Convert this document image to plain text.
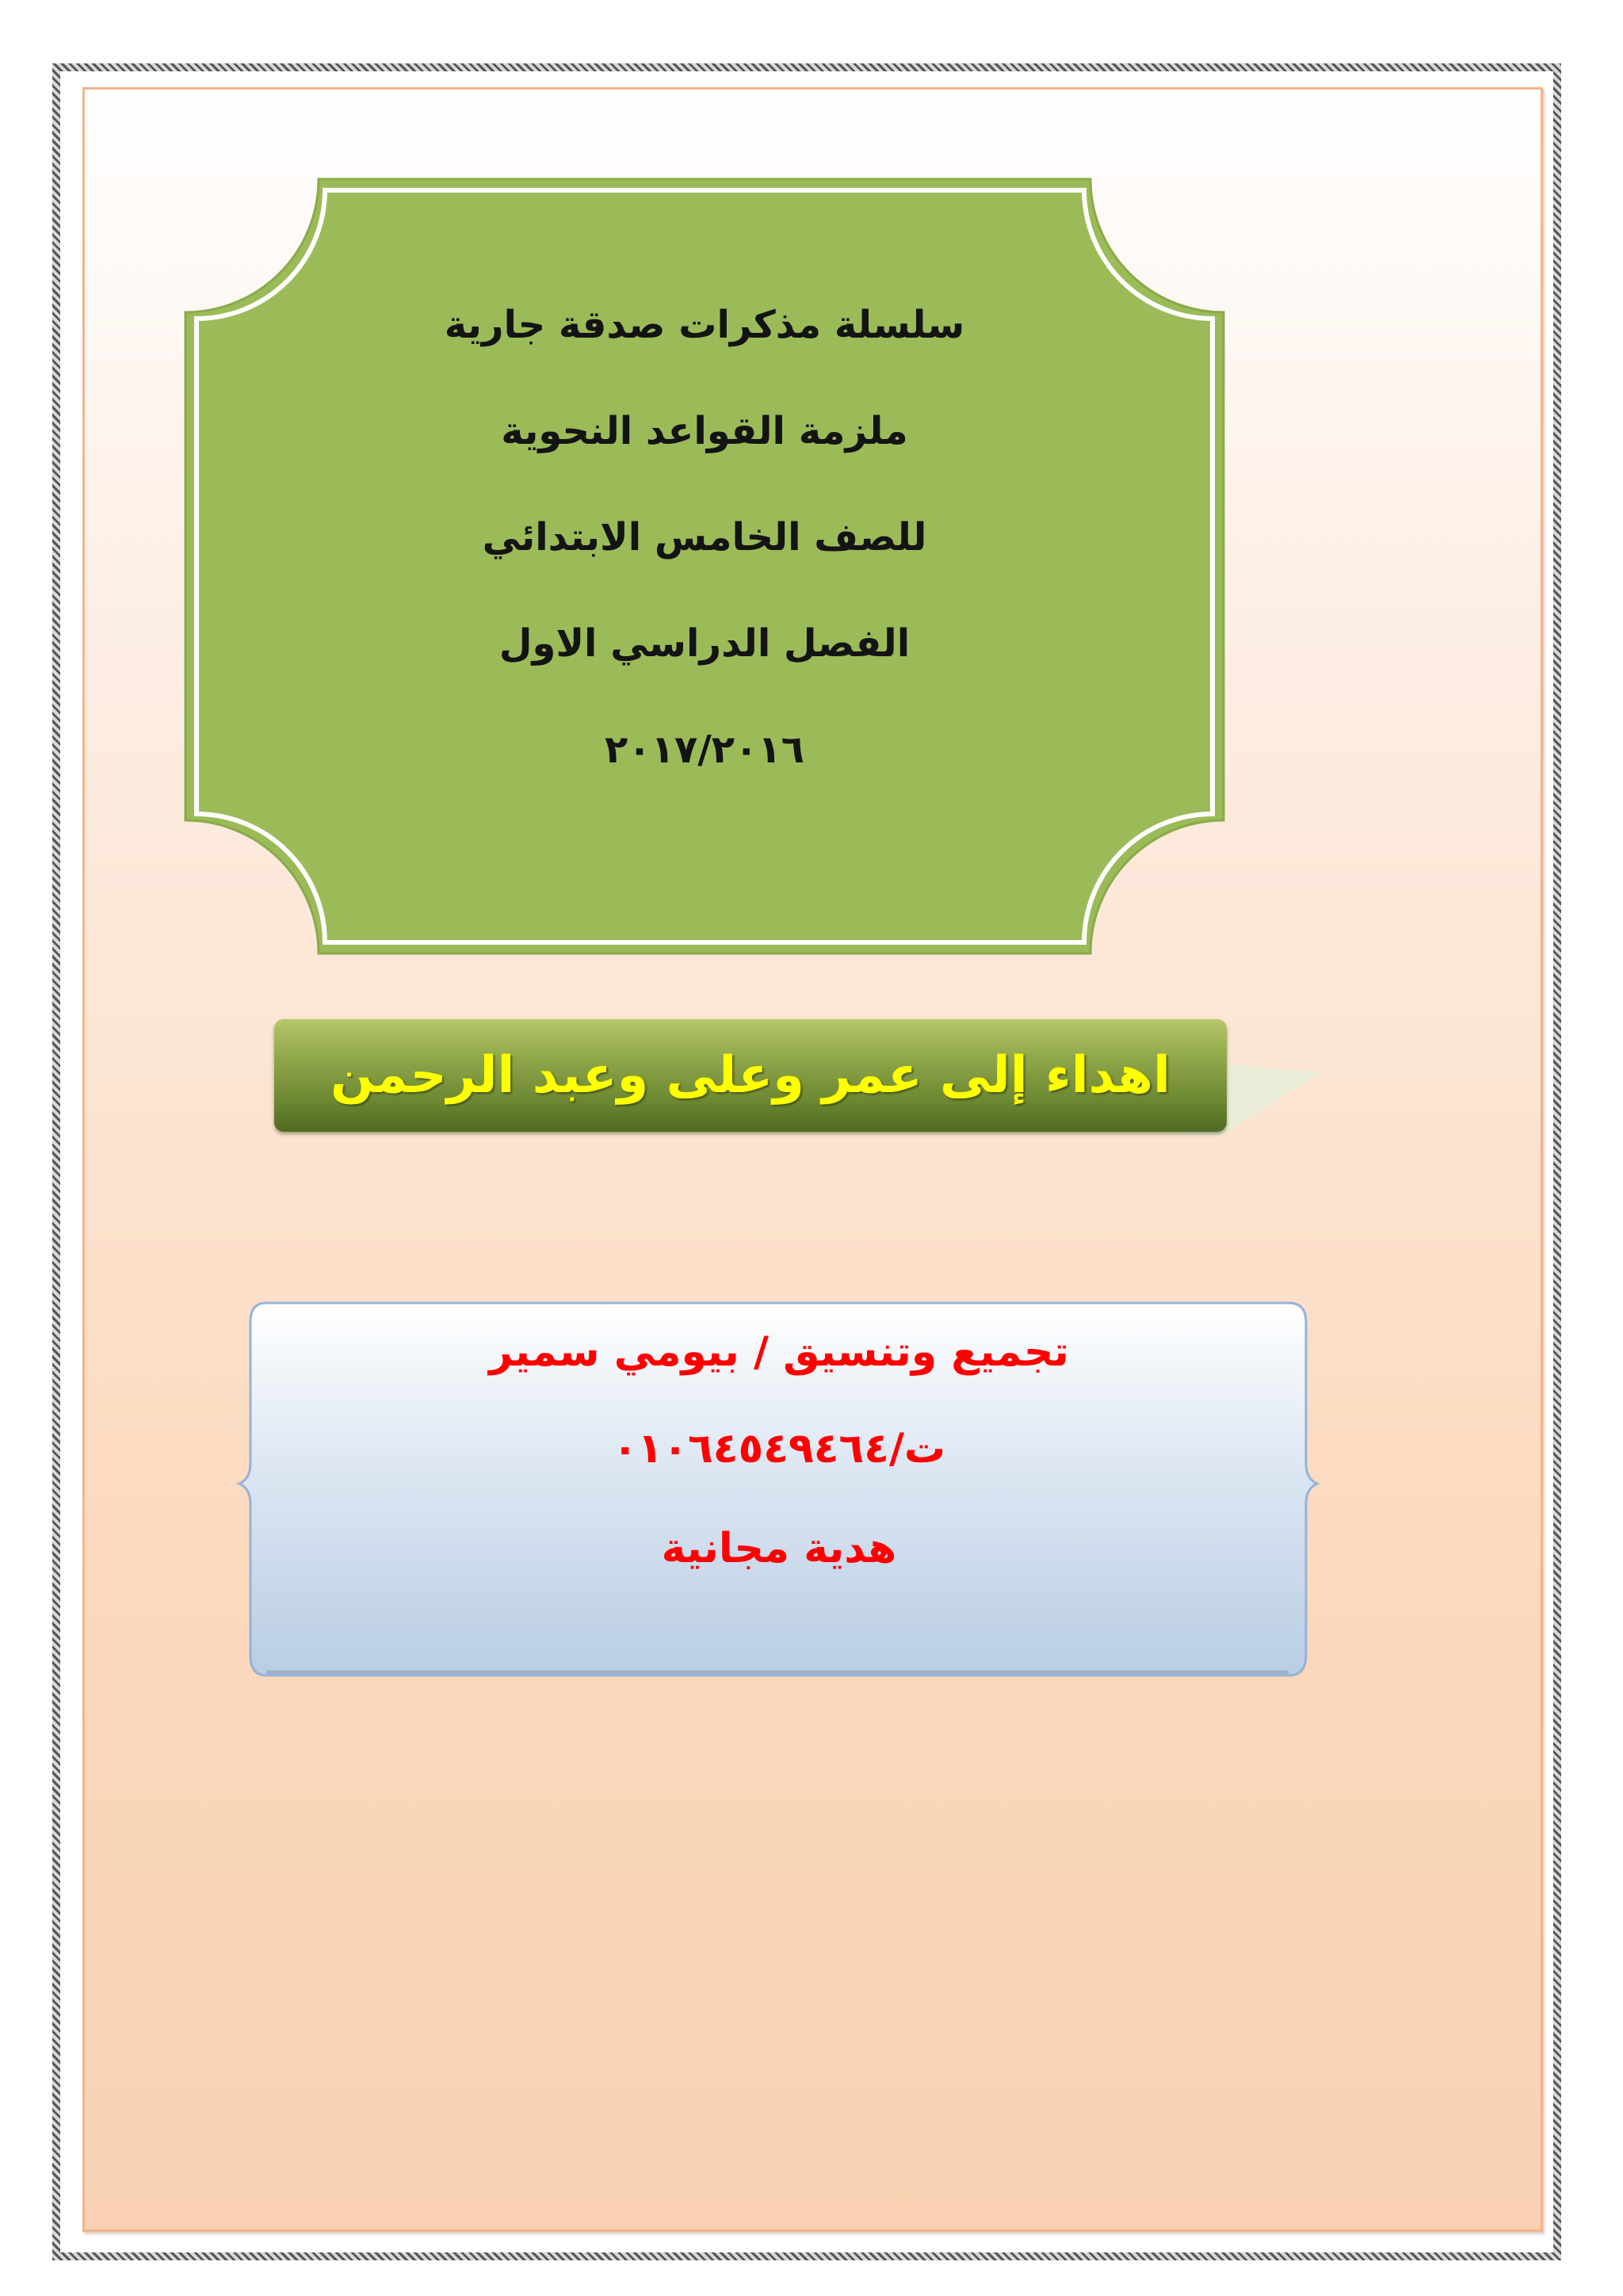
سلسلة مذكرات صدقة جارية
ملزمة القواعد النحوية
للصف الخامس الابتدائي
الفصل الدراسي الاول
٢٠١٧/٢٠١٦
اهداء إلى عمر وعلى وعبد الرحمن
تجميع وتنسيق / بيومي سمير
ت/٠١٠٦٤٥٤٩٤٦٤
هدية مجانية
